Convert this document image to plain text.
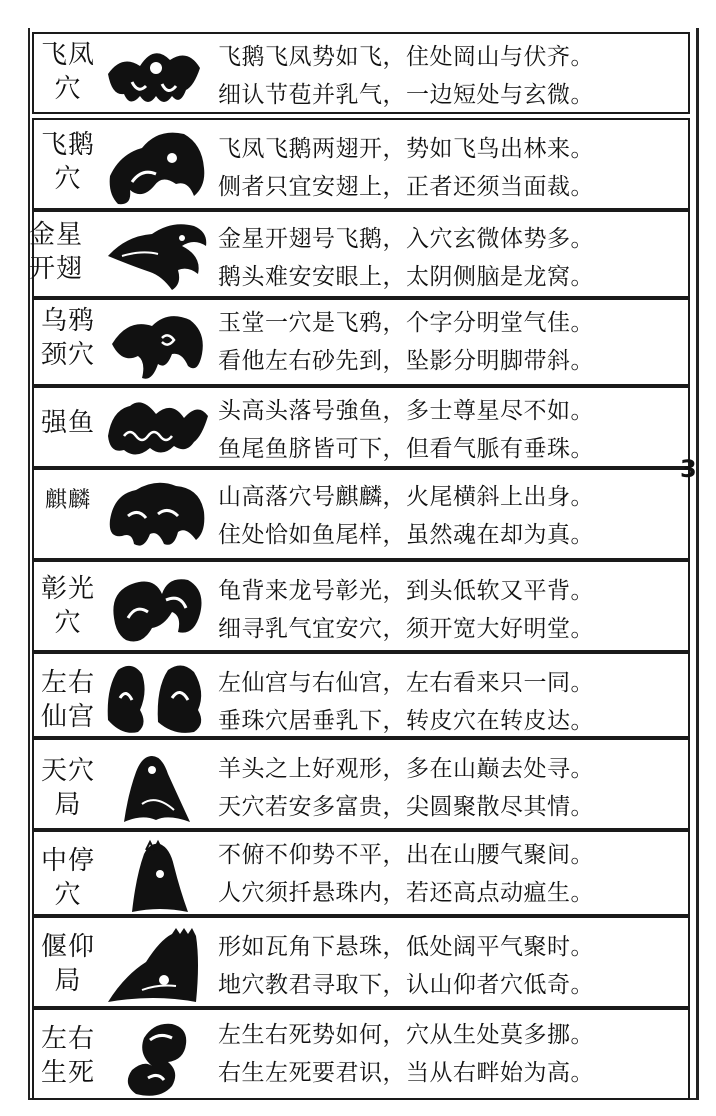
飞凤
穴
飞鹅飞凤势如飞，住处岡山与伏齐。
细认节苞并乳气，一边短处与玄微。
飞鹅
穴
飞凤飞鹅两翅开，势如飞鸟出林来。
侧者只宜安翅上，正者还须当面裁。
金星
开翅
金星开翅号飞鹅，入穴玄微体势多。
鹅头难安安眼上，太阴侧脑是龙窝。
乌鸦
颈穴
玉堂一穴是飞鸦，个字分明堂气佳。
看他左右砂先到，坠影分明脚带斜。
强鱼	头高头落号強鱼，多士尊星尽不如。
鱼尾鱼脐皆可下，但看气脈有垂珠。
麒麟	山高落穴号麒麟，火尾横斜上出身。
住处恰如鱼尾样，虽然魂在却为真。
彰光
穴
龟背来龙号彰光，到头低软又平背。
细寻乳气宜安穴，须开宽大好明堂。
左右
仙宫
左仙宫与右仙宫，左右看来只一同。
垂珠穴居垂乳下，转皮穴在转皮达。
天穴
局
羊头之上好观形，多在山巅去处寻。
天穴若安多富贵，尖圆聚散尽其情。
中停
穴
不俯不仰势不平，出在山腰气聚间。
人穴须扦悬珠内，若还高点动瘟生。
偃仰
局
形如瓦角下悬珠，低处阔平气聚时。
地穴教君寻取下，认山仰者穴低奇。
左右
生死
左生右死势如何，穴从生处莫多挪。
右生左死要君识，当从右畔始为高。
3
